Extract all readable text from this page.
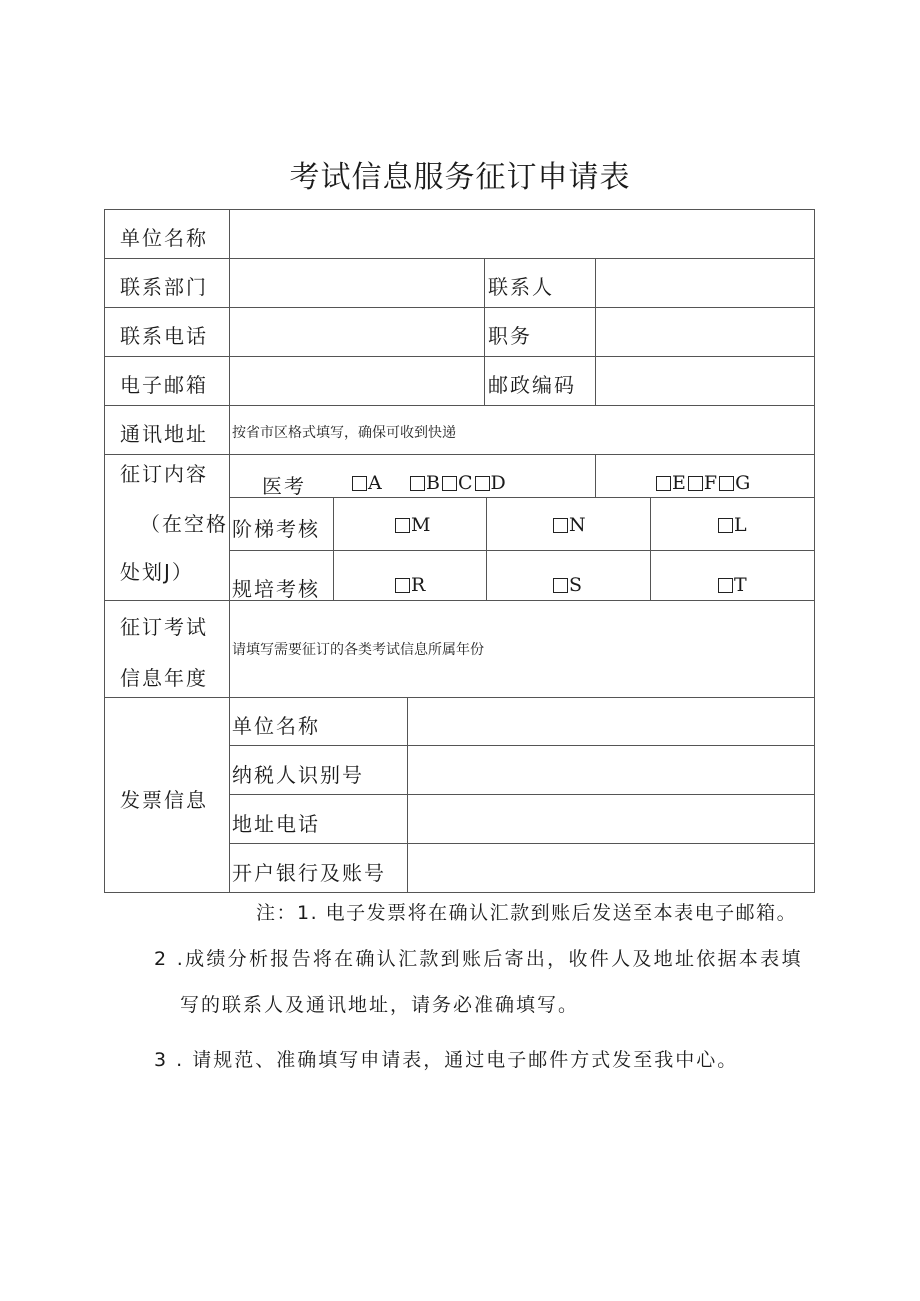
考试信息服务征订申请表
单位名称
联系部门	联系人
联系电话	职务
电子邮箱	邮政编码
通讯地址 按省市区格式填写，确保可收到快递
征订内容
（在空格
处划J）
医考	A B C D	E F G
阶梯考核	M	N	L
规培考核	R	S	T
征订考试
信息年度
请填写需要征订的各类考试信息所属年份
发票信息
单位名称
纳税人识别号
地址电话
开户银行及账号
注：1. 电子发票将在确认汇款到账后发送至本表电子邮箱。
2 .成绩分析报告将在确认汇款到账后寄出，收件人及地址依据本表填
写的联系人及通讯地址，请务必准确填写。
3 . 请规范、准确填写申请表，通过电子邮件方式发至我中心。
